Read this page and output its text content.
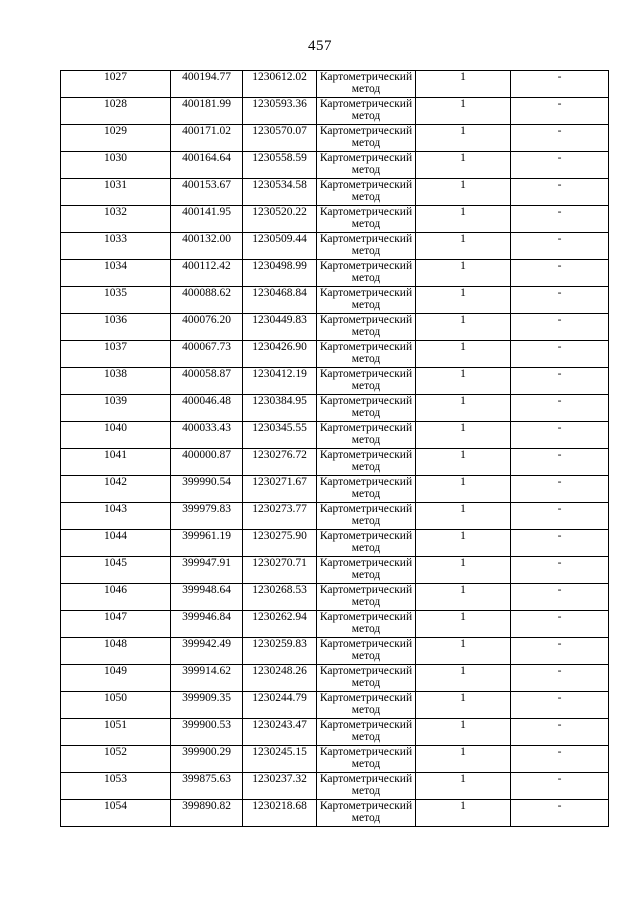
457
1027	400194.77	1230612.02	Картометрический метод	1	-
1028	400181.99	1230593.36	Картометрический метод	1	-
1029	400171.02	1230570.07	Картометрический метод	1	-
1030	400164.64	1230558.59	Картометрический метод	1	-
1031	400153.67	1230534.58	Картометрический метод	1	-
1032	400141.95	1230520.22	Картометрический метод	1	-
1033	400132.00	1230509.44	Картометрический метод	1	-
1034	400112.42	1230498.99	Картометрический метод	1	-
1035	400088.62	1230468.84	Картометрический метод	1	-
1036	400076.20	1230449.83	Картометрический метод	1	-
1037	400067.73	1230426.90	Картометрический метод	1	-
1038	400058.87	1230412.19	Картометрический метод	1	-
1039	400046.48	1230384.95	Картометрический метод	1	-
1040	400033.43	1230345.55	Картометрический метод	1	-
1041	400000.87	1230276.72	Картометрический метод	1	-
1042	399990.54	1230271.67	Картометрический метод	1	-
1043	399979.83	1230273.77	Картометрический метод	1	-
1044	399961.19	1230275.90	Картометрический метод	1	-
1045	399947.91	1230270.71	Картометрический метод	1	-
1046	399948.64	1230268.53	Картометрический метод	1	-
1047	399946.84	1230262.94	Картометрический метод	1	-
1048	399942.49	1230259.83	Картометрический метод	1	-
1049	399914.62	1230248.26	Картометрический метод	1	-
1050	399909.35	1230244.79	Картометрический метод	1	-
1051	399900.53	1230243.47	Картометрический метод	1	-
1052	399900.29	1230245.15	Картометрический метод	1	-
1053	399875.63	1230237.32	Картометрический метод	1	-
1054	399890.82	1230218.68	Картометрический метод	1	-
